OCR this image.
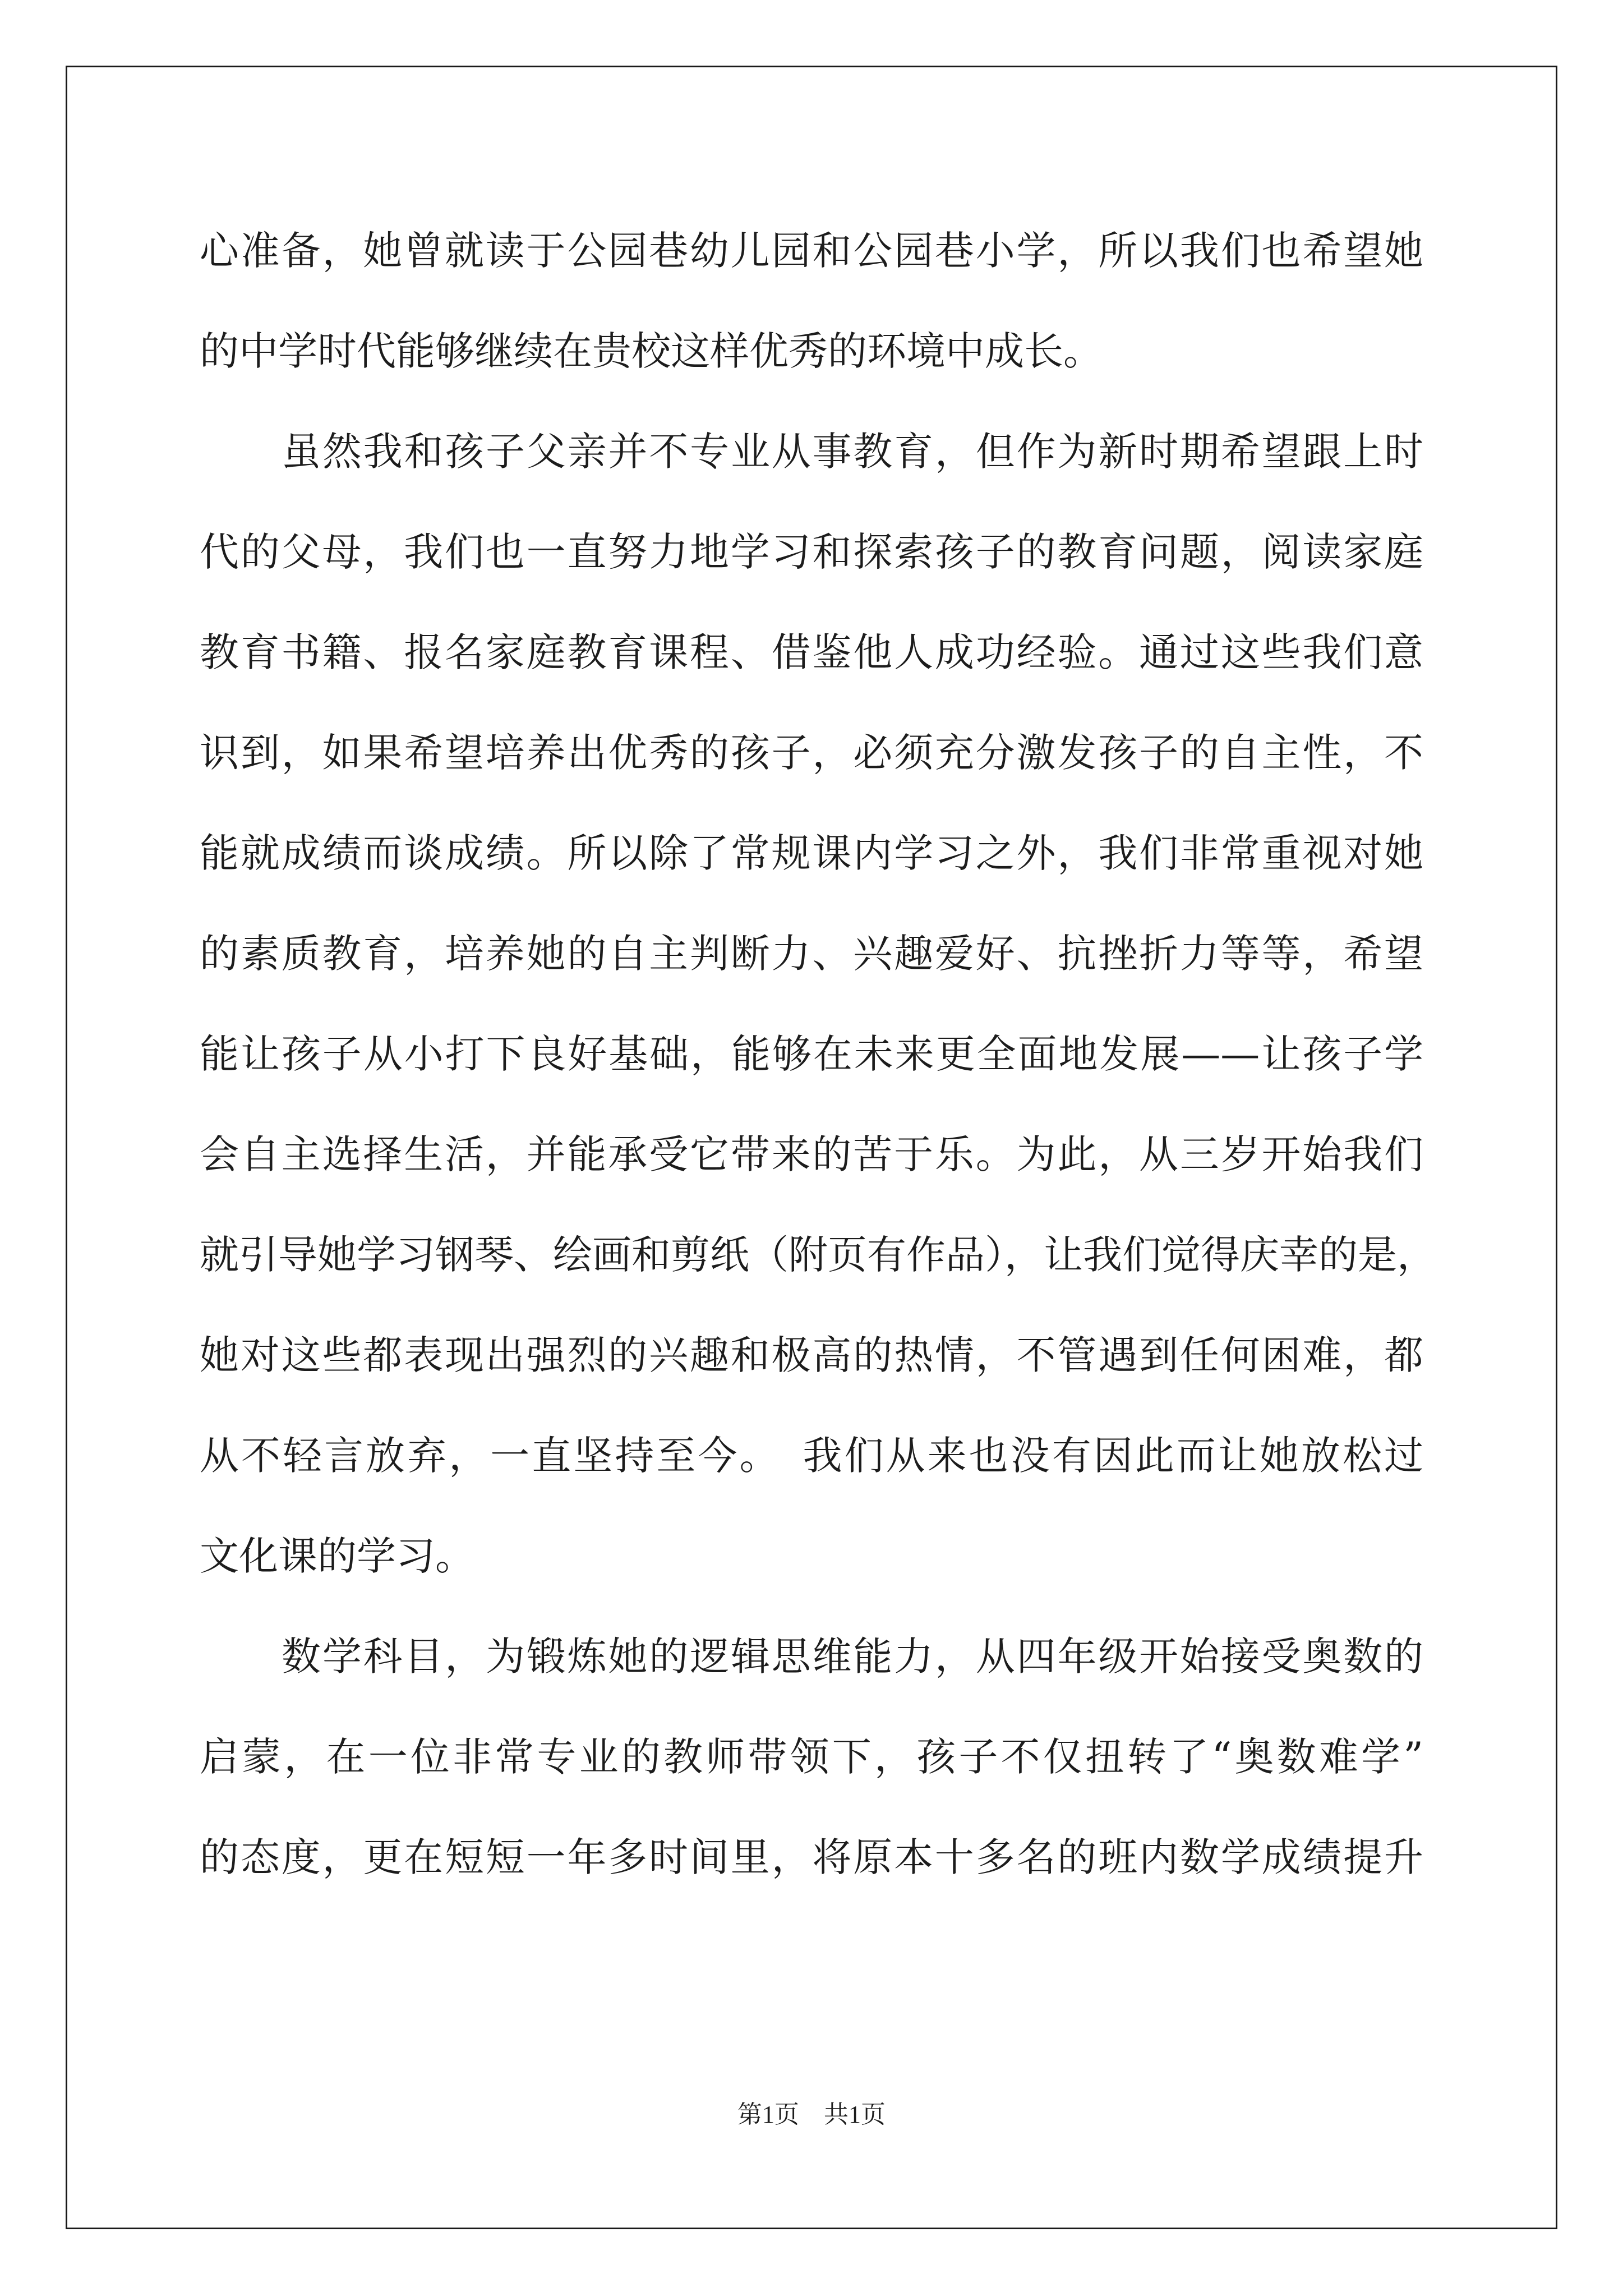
心准备，她曾就读于公园巷幼儿园和公园巷小学，所以我们也希望她
的中学时代能够继续在贵校这样优秀的环境中成长。
虽然我和孩子父亲并不专业从事教育，但作为新时期希望跟上时
代的父母，我们也一直努力地学习和探索孩子的教育问题，阅读家庭
教育书籍、报名家庭教育课程、借鉴他人成功经验。通过这些我们意
识到，如果希望培养出优秀的孩子，必须充分激发孩子的自主性，不
能就成绩而谈成绩。所以除了常规课内学习之外，我们非常重视对她
的素质教育，培养她的自主判断力、兴趣爱好、抗挫折力等等，希望
能让孩子从小打下良好基础，能够在未来更全面地发展——让孩子学
会自主选择生活，并能承受它带来的苦于乐。为此，从三岁开始我们
就引导她学习钢琴、绘画和剪纸（附页有作品），让我们觉得庆幸的是，
她对这些都表现出强烈的兴趣和极高的热情，不管遇到任何困难，都
从不轻言放弃，一直坚持至今。　我们从来也没有因此而让她放松过
文化课的学习。
数学科目，为锻炼她的逻辑思维能力，从四年级开始接受奥数的
启蒙，在一位非常专业的教师带领下，孩子不仅扭转了“奥数难学”
的态度，更在短短一年多时间里，将原本十多名的班内数学成绩提升
第1页　共1页
